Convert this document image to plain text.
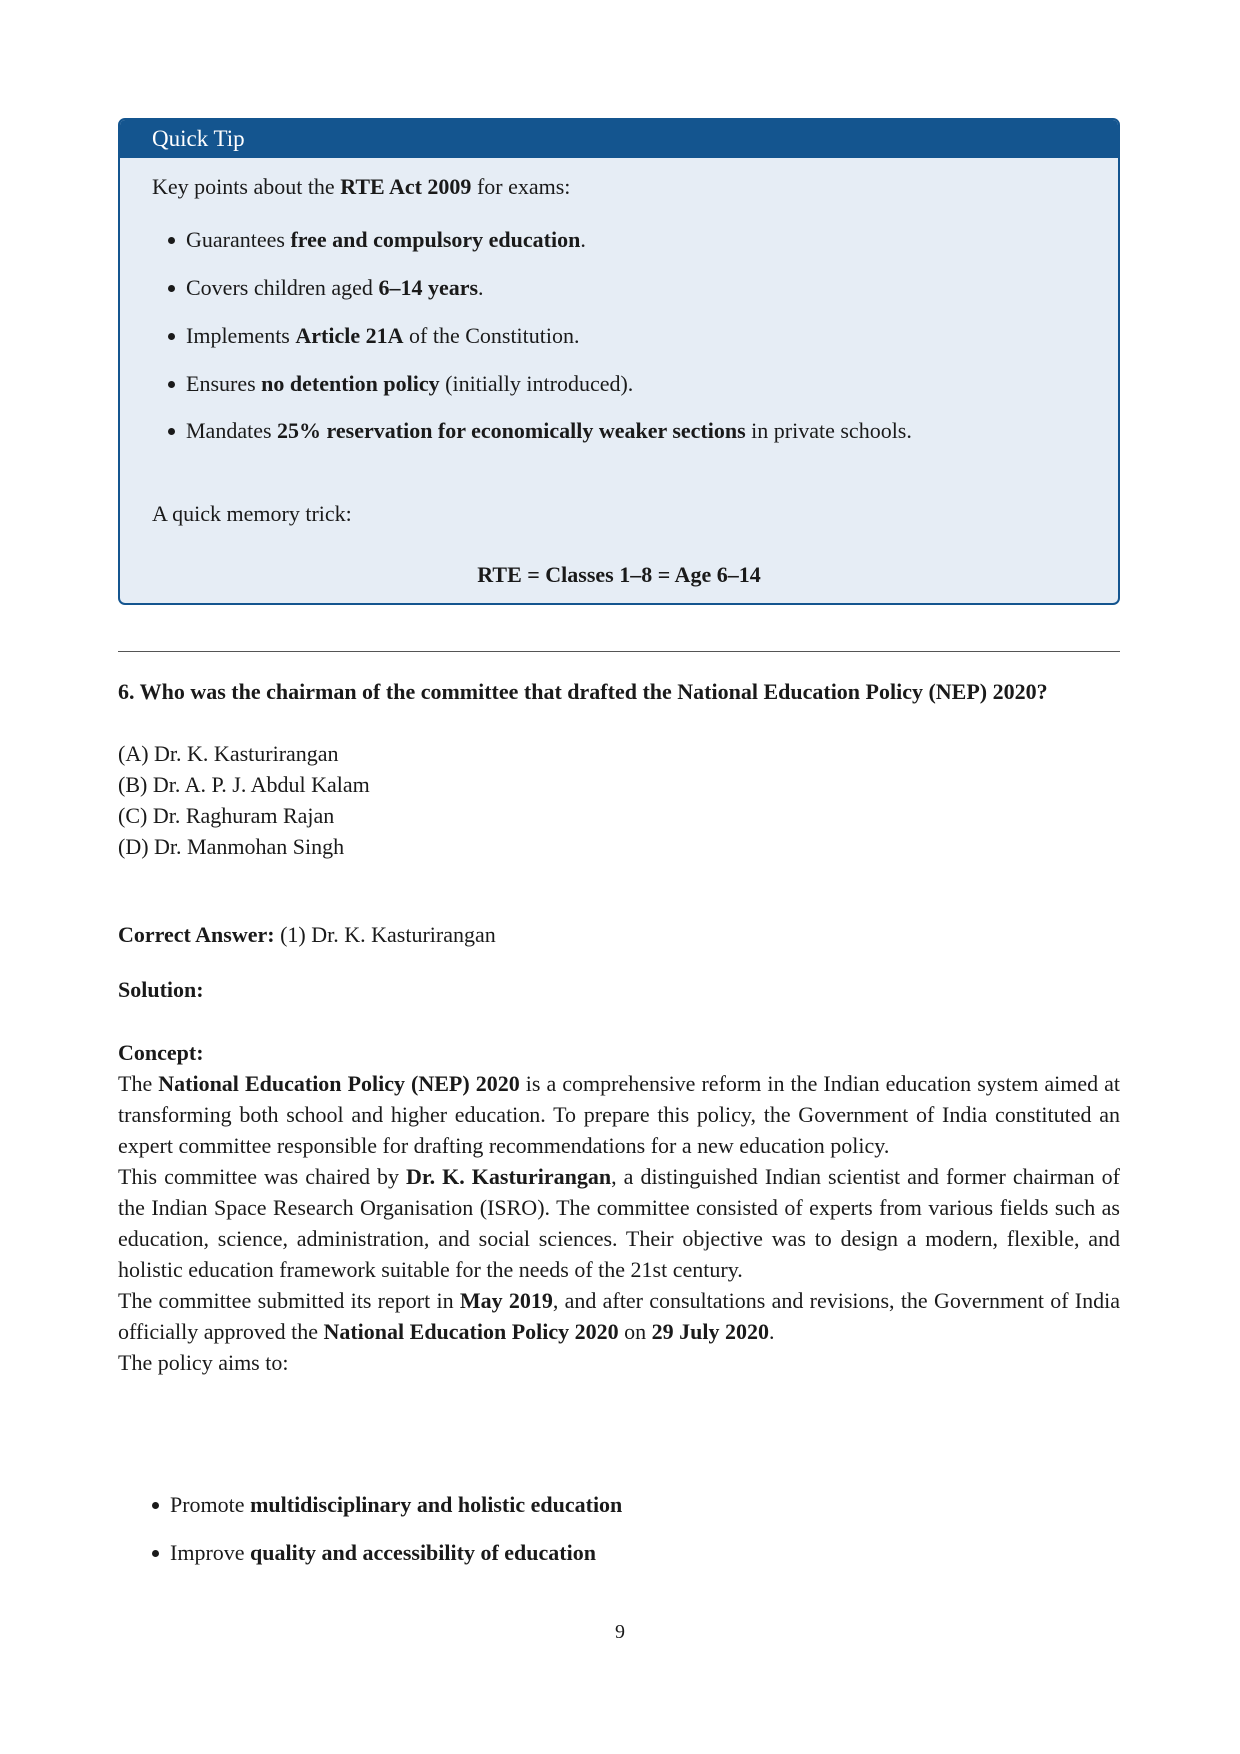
Quick Tip
Key points about the RTE Act 2009 for exams:
Guarantees free and compulsory education.
Covers children aged 6–14 years.
Implements Article 21A of the Constitution.
Ensures no detention policy (initially introduced).
Mandates 25% reservation for economically weaker sections in private schools.
A quick memory trick:
RTE = Classes 1–8 = Age 6–14
6. Who was the chairman of the committee that drafted the National Education Policy (NEP) 2020?
(A) Dr. K. Kasturirangan
(B) Dr. A. P. J. Abdul Kalam
(C) Dr. Raghuram Rajan
(D) Dr. Manmohan Singh
Correct Answer: (1) Dr. K. Kasturirangan
Solution:
Concept:

The National Education Policy (NEP) 2020 is a comprehensive reform in the Indian education system aimed at transforming both school and higher education. To prepare this policy, the Government of India constituted an expert committee responsible for drafting recommendations for a new education policy.

This committee was chaired by Dr. K. Kasturirangan, a distinguished Indian scientist and former chairman of the Indian Space Research Organisation (ISRO). The committee consisted of experts from various fields such as education, science, administration, and social sciences. Their objective was to design a modern, flexible, and holistic education framework suitable for the needs of the 21st century.

The committee submitted its report in May 2019, and after consultations and revisions, the Government of India officially approved the National Education Policy 2020 on 29 July 2020.

The policy aims to:

Promote multidisciplinary and holistic education
Improve quality and accessibility of education
9
